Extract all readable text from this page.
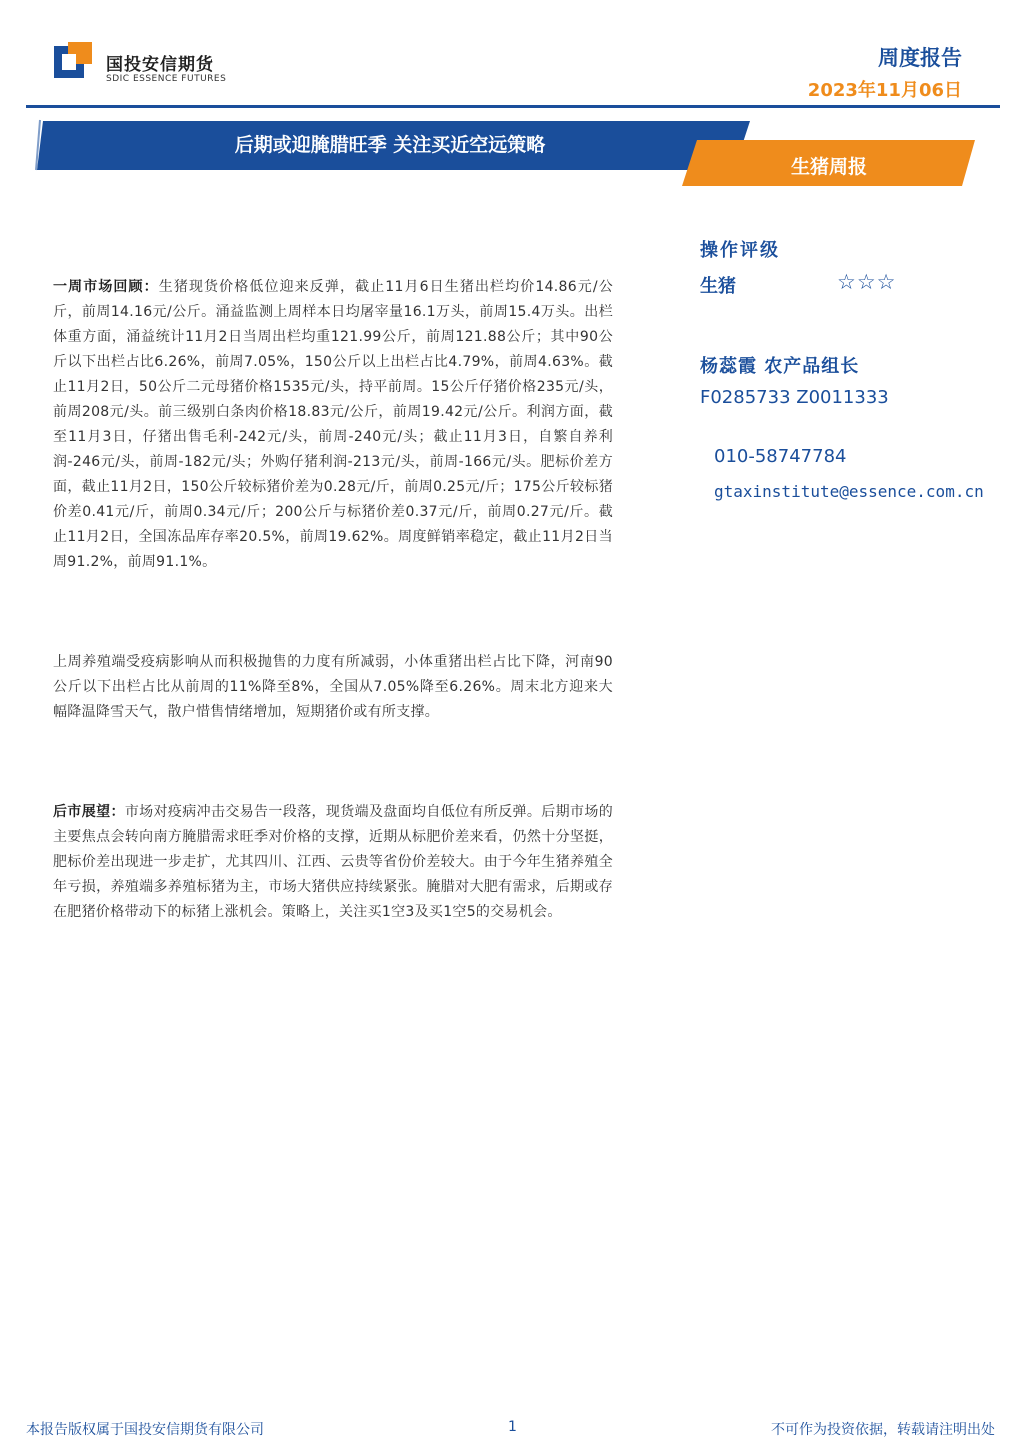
国投安信期货
SDIC ESSENCE FUTURES
周度报告
2023年11月06日
后期或迎腌腊旺季 关注买近空远策略
生猪周报
一周市场回顾：生猪现货价格低位迎来反弹，截止11月6日生猪出栏均价14.86元/公斤，前周14.16元/公斤。涌益监测上周样本日均屠宰量16.1万头，前周15.4万头。出栏体重方面，涌益统计11月2日当周出栏均重121.99公斤，前周121.88公斤；其中90公斤以下出栏占比6.26%，前周7.05%，150公斤以上出栏占比4.79%，前周4.63%。截止11月2日，50公斤二元母猪价格1535元/头，持平前周。15公斤仔猪价格235元/头，前周208元/头。前三级别白条肉价格18.83元/公斤，前周19.42元/公斤。利润方面，截至11月3日，仔猪出售毛利-242元/头，前周-240元/头；截止11月3日，自繁自养利润-246元/头，前周-182元/头；外购仔猪利润-213元/头，前周-166元/头。肥标价差方面，截止11月2日，150公斤较标猪价差为0.28元/斤，前周0.25元/斤；175公斤较标猪价差0.41元/斤，前周0.34元/斤；200公斤与标猪价差0.37元/斤，前周0.27元/斤。截止11月2日，全国冻品库存率20.5%，前周19.62%。周度鲜销率稳定，截止11月2日当周91.2%，前周91.1%。
上周养殖端受疫病影响从而积极抛售的力度有所减弱，小体重猪出栏占比下降，河南90公斤以下出栏占比从前周的11%降至8%，全国从7.05%降至6.26%。周末北方迎来大幅降温降雪天气，散户惜售情绪增加，短期猪价或有所支撑。
后市展望：市场对疫病冲击交易告一段落，现货端及盘面均自低位有所反弹。后期市场的主要焦点会转向南方腌腊需求旺季对价格的支撑，近期从标肥价差来看，仍然十分坚挺，肥标价差出现进一步走扩，尤其四川、江西、云贵等省份价差较大。由于今年生猪养殖全年亏损，养殖端多养殖标猪为主，市场大猪供应持续紧张。腌腊对大肥有需求，后期或存在肥猪价格带动下的标猪上涨机会。策略上，关注买1空3及买1空5的交易机会。
操作评级
生猪	☆☆☆
杨蕊霞 农产品组长
F0285733 Z0011333
010-58747784
gtaxinstitute@essence.com.cn
本报告版权属于国投安信期货有限公司	1	不可作为投资依据，转载请注明出处
